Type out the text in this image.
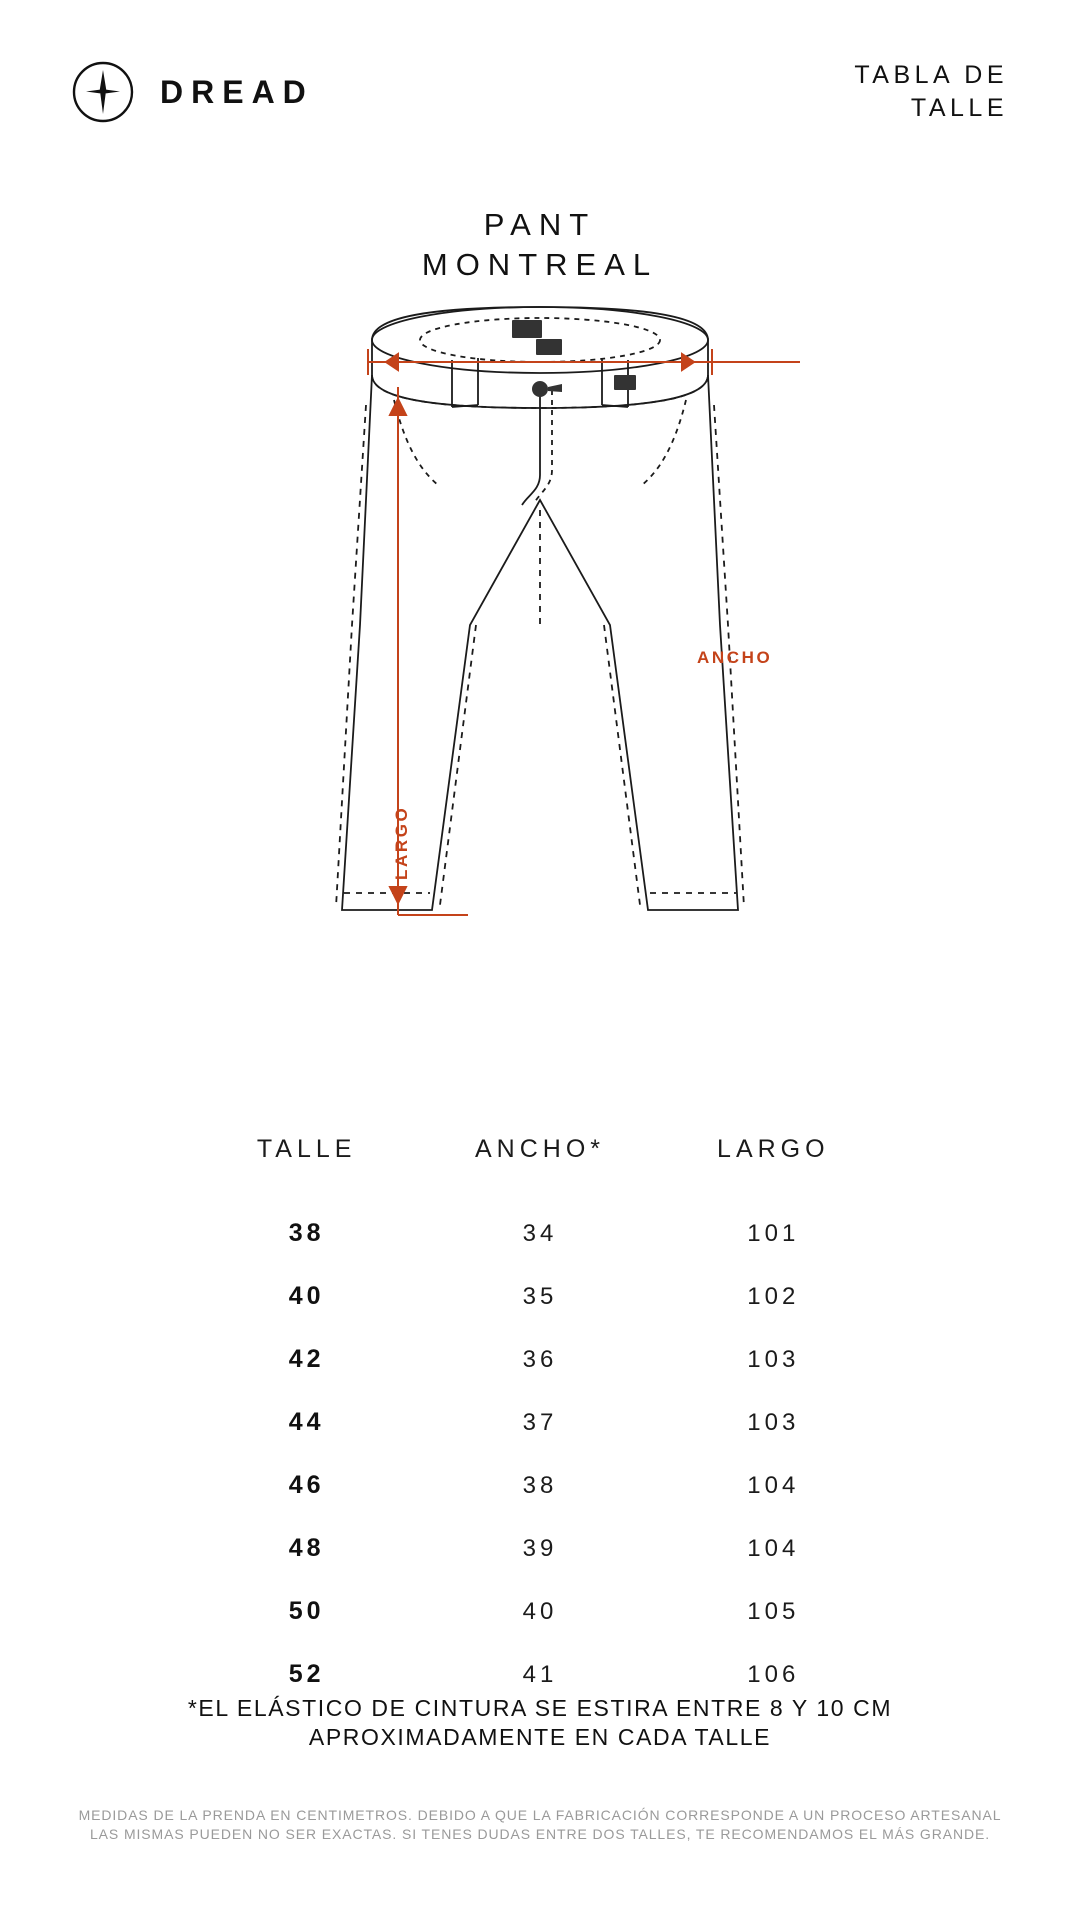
DREAD	TABLA DE
TALLE
PANT
MONTREAL
ANCHO
LARGO
TALLE	ANCHO*	LARGO
38	34	101
40	35	102
42	36	103
44	37	103
46	38	104
48	39	104
50	40	105
52	41	106
*EL ELÁSTICO DE CINTURA SE ESTIRA ENTRE 8 Y 10 CM
APROXIMADAMENTE EN CADA TALLE
MEDIDAS DE LA PRENDA EN CENTIMETROS. DEBIDO A QUE LA FABRICACIÓN CORRESPONDE A UN PROCESO ARTESANAL
LAS MISMAS PUEDEN NO SER EXACTAS. SI TENES DUDAS ENTRE DOS TALLES, TE RECOMENDAMOS EL MÁS GRANDE.
